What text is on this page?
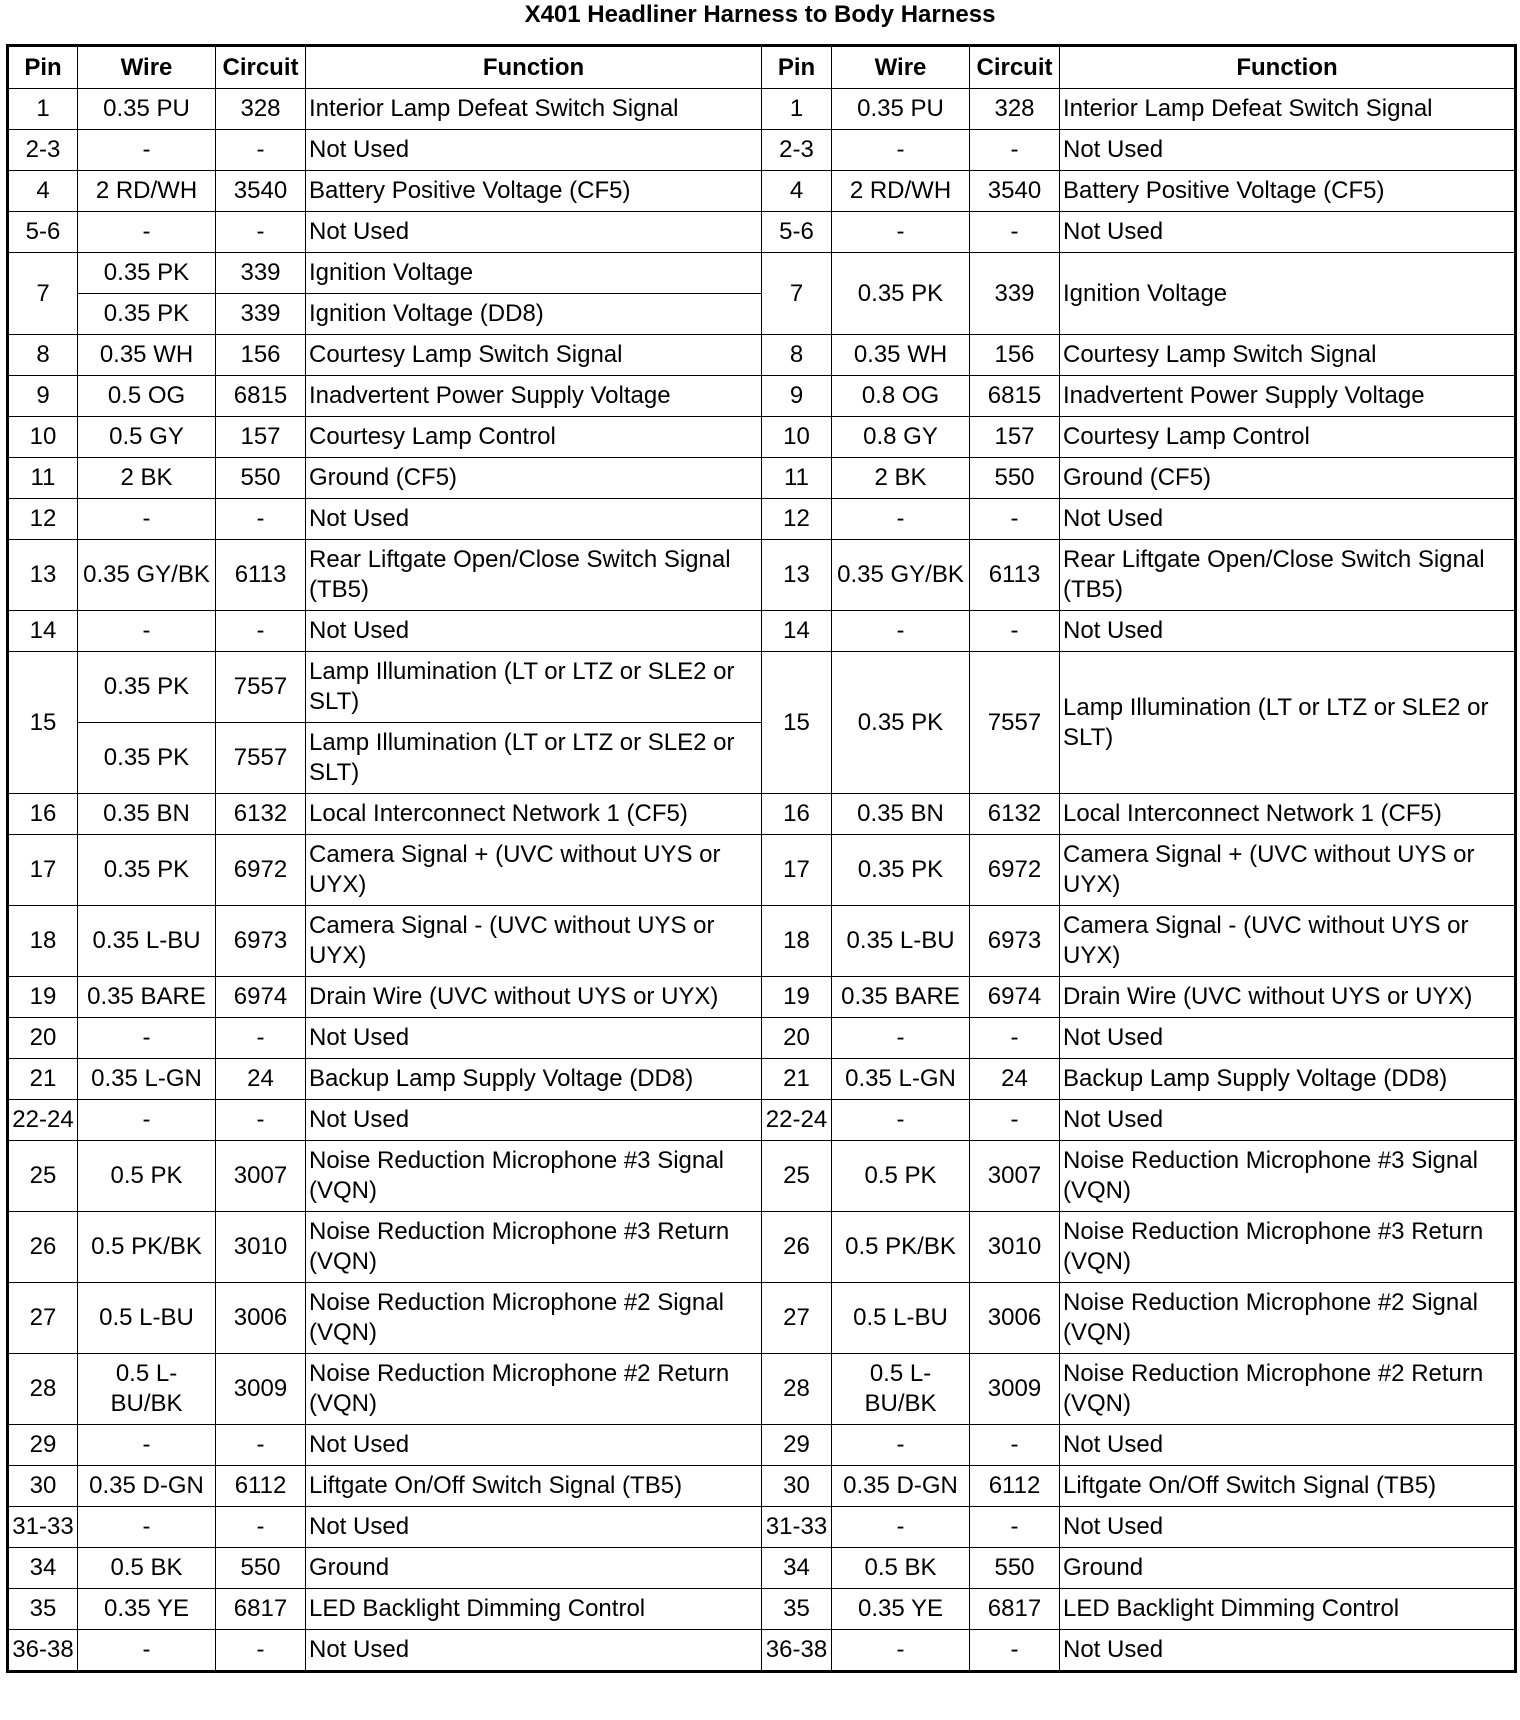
X401 Headliner Harness to Body Harness
Pin	Wire	Circuit	Function	Pin	Wire	Circuit	Function
1	0.35 PU	328	Interior Lamp Defeat Switch Signal	1	0.35 PU	328	Interior Lamp Defeat Switch Signal
2-3	-	-	Not Used	2-3	-	-	Not Used
4	2 RD/WH	3540	Battery Positive Voltage (CF5)	4	2 RD/WH	3540	Battery Positive Voltage (CF5)
5-6	-	-	Not Used	5-6	-	-	Not Used
7	0.35 PK	339	Ignition Voltage	7	0.35 PK	339	Ignition Voltage
	0.35 PK	339	Ignition Voltage (DD8)				
8	0.35 WH	156	Courtesy Lamp Switch Signal	8	0.35 WH	156	Courtesy Lamp Switch Signal
9	0.5 OG	6815	Inadvertent Power Supply Voltage	9	0.8 OG	6815	Inadvertent Power Supply Voltage
10	0.5 GY	157	Courtesy Lamp Control	10	0.8 GY	157	Courtesy Lamp Control
11	2 BK	550	Ground (CF5)	11	2 BK	550	Ground (CF5)
12	-	-	Not Used	12	-	-	Not Used
13	0.35 GY/BK	6113	Rear Liftgate Open/Close Switch Signal (TB5)	13	0.35 GY/BK	6113	Rear Liftgate Open/Close Switch Signal (TB5)
14	-	-	Not Used	14	-	-	Not Used
15	0.35 PK	7557	Lamp Illumination (LT or LTZ or SLE2 or SLT)	15	0.35 PK	7557	Lamp Illumination (LT or LTZ or SLE2 or SLT)
	0.35 PK	7557	Lamp Illumination (LT or LTZ or SLE2 or SLT)				
16	0.35 BN	6132	Local Interconnect Network 1 (CF5)	16	0.35 BN	6132	Local Interconnect Network 1 (CF5)
17	0.35 PK	6972	Camera Signal + (UVC without UYS or UYX)	17	0.35 PK	6972	Camera Signal + (UVC without UYS or UYX)
18	0.35 L-BU	6973	Camera Signal - (UVC without UYS or UYX)	18	0.35 L-BU	6973	Camera Signal - (UVC without UYS or UYX)
19	0.35 BARE	6974	Drain Wire (UVC without UYS or UYX)	19	0.35 BARE	6974	Drain Wire (UVC without UYS or UYX)
20	-	-	Not Used	20	-	-	Not Used
21	0.35 L-GN	24	Backup Lamp Supply Voltage (DD8)	21	0.35 L-GN	24	Backup Lamp Supply Voltage (DD8)
22-24	-	-	Not Used	22-24	-	-	Not Used
25	0.5 PK	3007	Noise Reduction Microphone #3 Signal (VQN)	25	0.5 PK	3007	Noise Reduction Microphone #3 Signal (VQN)
26	0.5 PK/BK	3010	Noise Reduction Microphone #3 Return (VQN)	26	0.5 PK/BK	3010	Noise Reduction Microphone #3 Return (VQN)
27	0.5 L-BU	3006	Noise Reduction Microphone #2 Signal (VQN)	27	0.5 L-BU	3006	Noise Reduction Microphone #2 Signal (VQN)
28	0.5 L-BU/BK	3009	Noise Reduction Microphone #2 Return (VQN)	28	0.5 L-BU/BK	3009	Noise Reduction Microphone #2 Return (VQN)
29	-	-	Not Used	29	-	-	Not Used
30	0.35 D-GN	6112	Liftgate On/Off Switch Signal (TB5)	30	0.35 D-GN	6112	Liftgate On/Off Switch Signal (TB5)
31-33	-	-	Not Used	31-33	-	-	Not Used
34	0.5 BK	550	Ground	34	0.5 BK	550	Ground
35	0.35 YE	6817	LED Backlight Dimming Control	35	0.35 YE	6817	LED Backlight Dimming Control
36-38	-	-	Not Used	36-38	-	-	Not Used
